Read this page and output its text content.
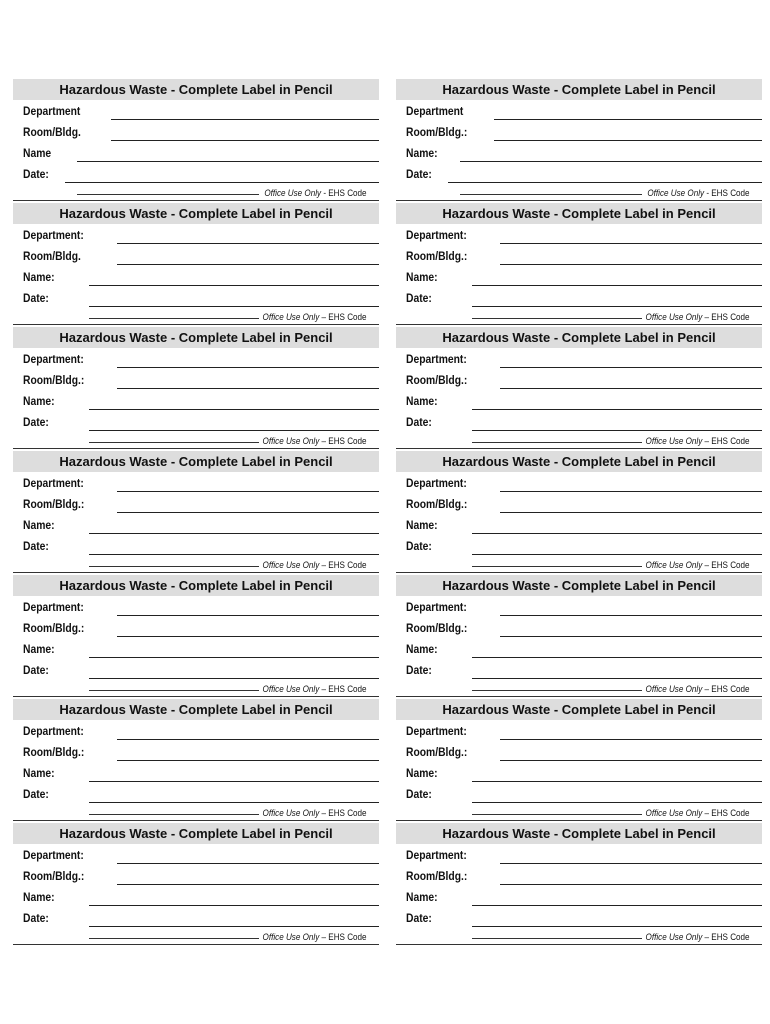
Hazardous Waste - Complete Label in Pencil
Department
Room/Bldg.
Name
Date:
Office Use Only - EHS Code
Hazardous Waste - Complete Label in Pencil
Department
Room/Bldg.:
Name:
Date:
Office Use Only - EHS Code
Hazardous Waste - Complete Label in Pencil
Department:
Room/Bldg.
Name:
Date:
Office Use Only – EHS Code
Hazardous Waste - Complete Label in Pencil
Department:
Room/Bldg.:
Name:
Date:
Office Use Only – EHS Code
Hazardous Waste - Complete Label in Pencil
Department:
Room/Bldg.:
Name:
Date:
Office Use Only – EHS Code
Hazardous Waste - Complete Label in Pencil
Department:
Room/Bldg.:
Name:
Date:
Office Use Only – EHS Code
Hazardous Waste - Complete Label in Pencil
Department:
Room/Bldg.:
Name:
Date:
Office Use Only – EHS Code
Hazardous Waste - Complete Label in Pencil
Department:
Room/Bldg.:
Name:
Date:
Office Use Only – EHS Code
Hazardous Waste - Complete Label in Pencil
Department:
Room/Bldg.:
Name:
Date:
Office Use Only – EHS Code
Hazardous Waste - Complete Label in Pencil
Department:
Room/Bldg.:
Name:
Date:
Office Use Only – EHS Code
Hazardous Waste - Complete Label in Pencil
Department:
Room/Bldg.:
Name:
Date:
Office Use Only – EHS Code
Hazardous Waste - Complete Label in Pencil
Department:
Room/Bldg.:
Name:
Date:
Office Use Only – EHS Code
Hazardous Waste - Complete Label in Pencil
Department:
Room/Bldg.:
Name:
Date:
Office Use Only – EHS Code
Hazardous Waste - Complete Label in Pencil
Department:
Room/Bldg.:
Name:
Date:
Office Use Only – EHS Code
